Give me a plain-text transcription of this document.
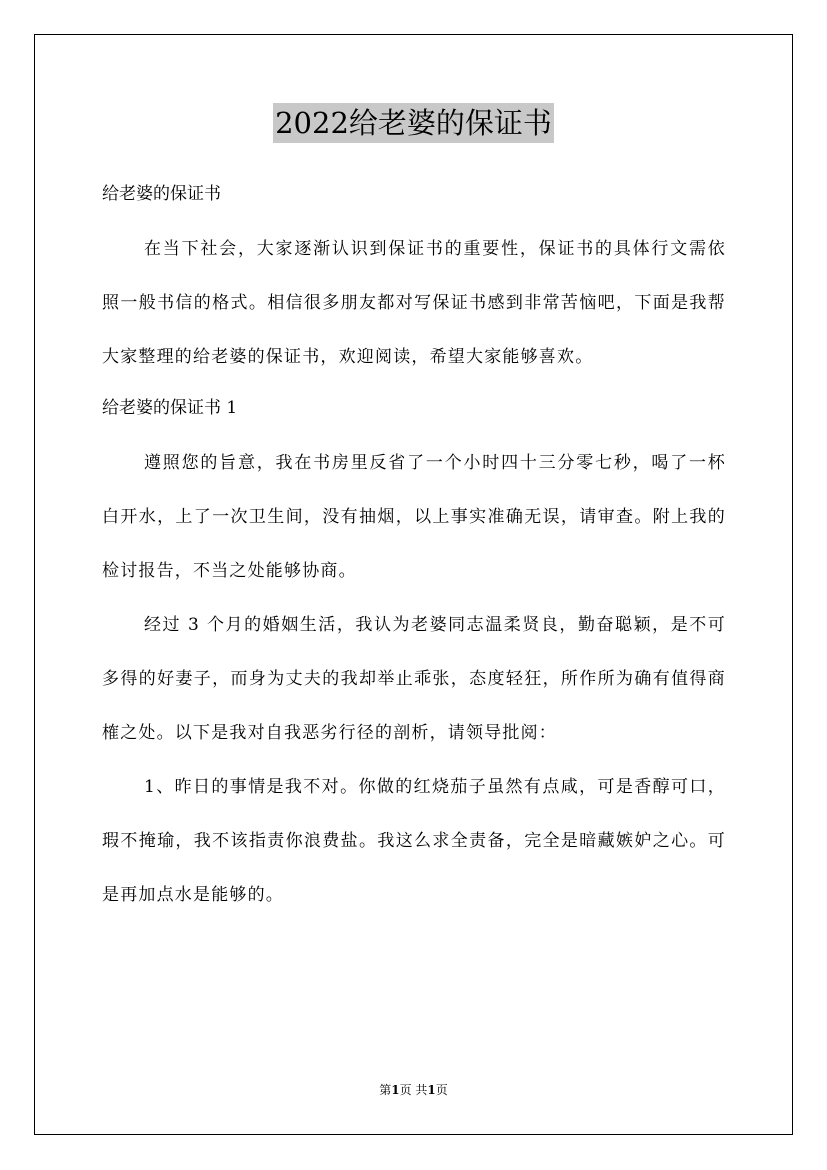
2022给老婆的保证书

给老婆的保证书

在当下社会，大家逐渐认识到保证书的重要性，保证书的具体行文需依照一般书信的格式。相信很多朋友都对写保证书感到非常苦恼吧，下面是我帮大家整理的给老婆的保证书，欢迎阅读，希望大家能够喜欢。

给老婆的保证书 1

遵照您的旨意，我在书房里反省了一个小时四十三分零七秒，喝了一杯白开水，上了一次卫生间，没有抽烟，以上事实准确无误，请审查。附上我的检讨报告，不当之处能够协商。

经过 3 个月的婚姻生活，我认为老婆同志温柔贤良，勤奋聪颖，是不可多得的好妻子，而身为丈夫的我却举止乖张，态度轻狂，所作所为确有值得商榷之处。以下是我对自我恶劣行径的剖析，请领导批阅：

1、昨日的事情是我不对。你做的红烧茄子虽然有点咸，可是香醇可口，瑕不掩瑜，我不该指责你浪费盐。我这么求全责备，完全是暗藏嫉妒之心。可是再加点水是能够的。

第1页 共1页
